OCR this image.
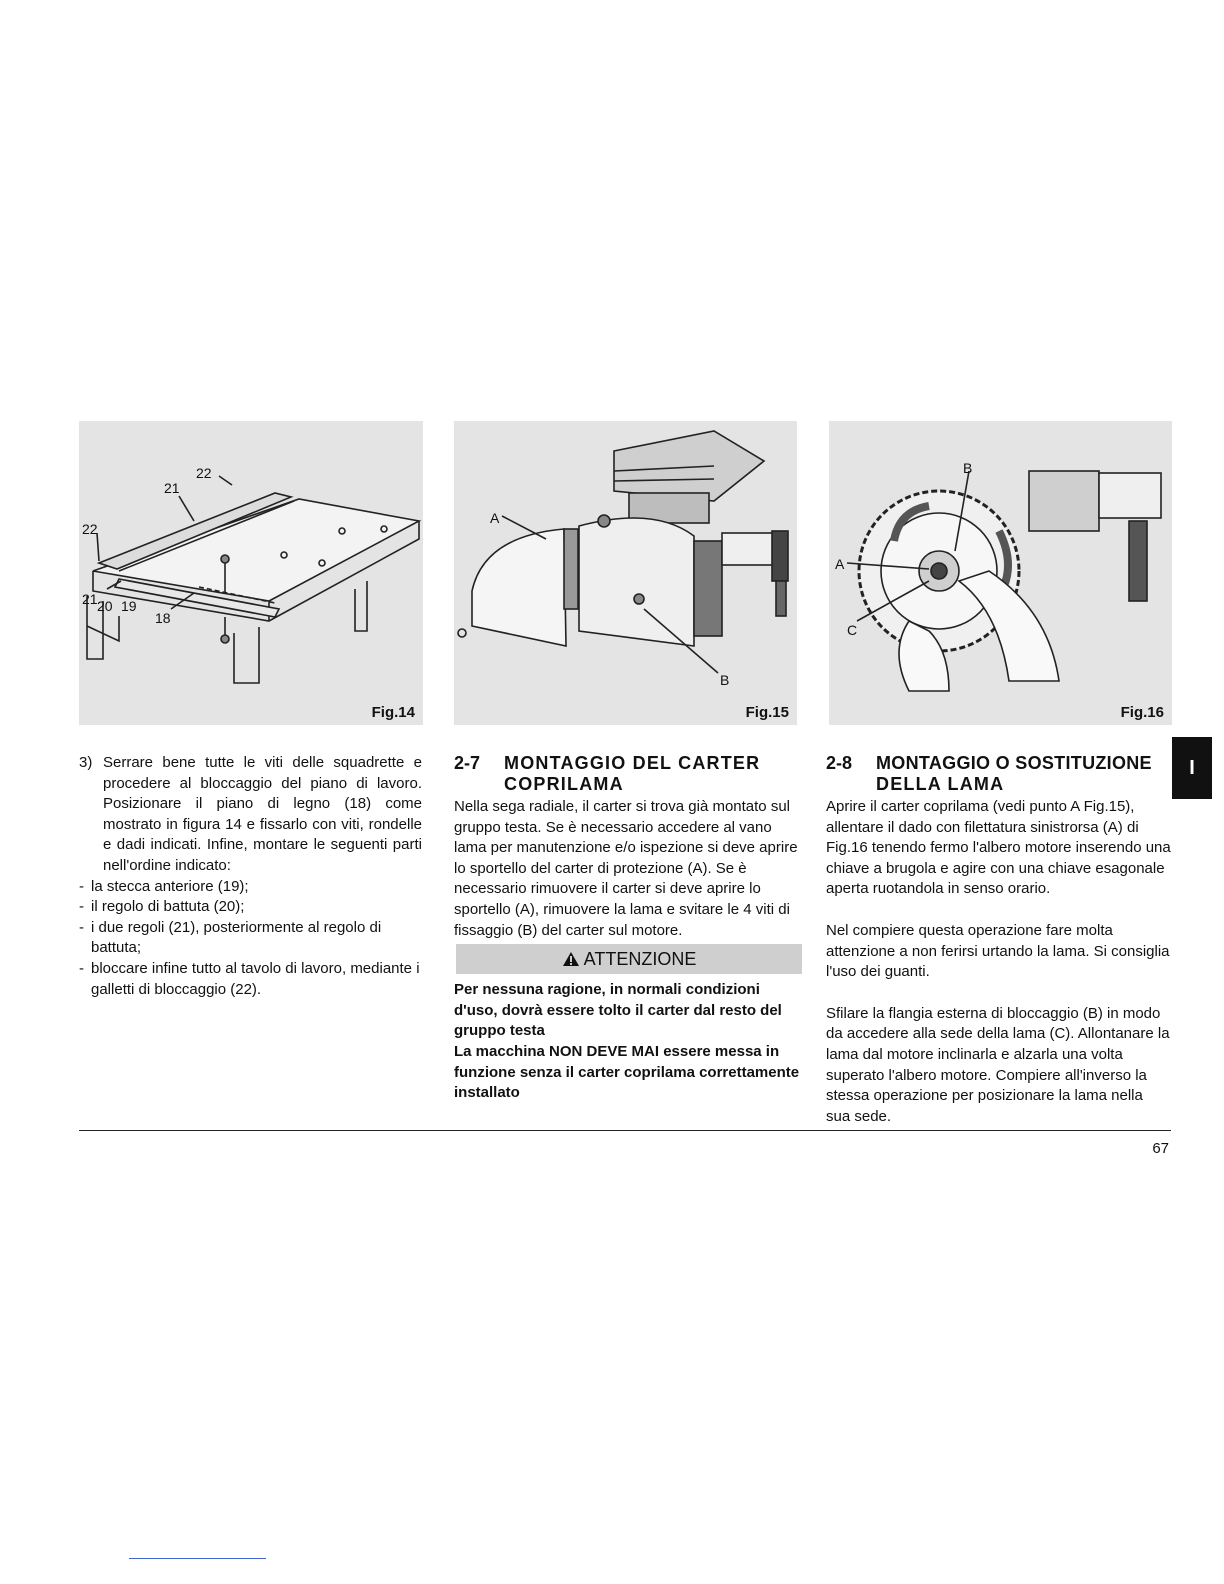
22
21
22
21 20 19
18
Fig.14
A
B
Fig.15
A
B
C
Fig.16
3) Serrare bene tutte le viti delle squadrette e procedere al bloccaggio del piano di lavoro. Posizionare il piano di legno (18) come mostrato in figura 14 e fissarlo con viti, rondelle e dadi indicati. Infine, montare le seguenti parti nell'ordine indicato:
- la stecca anteriore (19);
- il regolo di battuta (20);
- i due regoli (21), posteriormente al regolo di battuta;
- bloccare infine tutto al tavolo di lavoro, mediante i galletti di bloccaggio (22).
2-7 MONTAGGIO DEL CARTER
COPRILAMA
Nella sega radiale, il carter si trova già montato sul gruppo testa. Se è necessario accedere al vano lama per manutenzione e/o ispezione si deve aprire lo sportello del carter di protezione (A). Se è necessario rimuovere il carter si deve aprire lo sportello (A), rimuovere la lama e svitare le 4 viti di fissaggio (B) del carter sul motore.
ATTENZIONE
Per nessuna ragione, in normali condizioni d'uso, dovrà essere tolto il carter dal resto del gruppo testa
La macchina NON DEVE MAI essere messa in funzione senza il carter coprilama correttamente installato
2-8 MONTAGGIO O SOSTITUZIONE
DELLA LAMA

Aprire il carter coprilama (vedi punto A Fig.15), allentare il dado con filettatura sinistrorsa (A) di Fig.16 tenendo fermo l'albero motore inserendo una chiave a brugola e agire con una chiave esagonale aperta ruotandola in senso orario.

Nel compiere questa operazione fare molta attenzione a non ferirsi urtando la lama. Si consiglia l'uso dei guanti.

Sfilare la flangia esterna di bloccaggio (B) in modo da accedere alla sede della lama (C). Allontanare la lama dal motore inclinarla e alzarla una volta superato l'albero motore. Compiere all'inverso la stessa operazione per posizionare la lama nella sua sede.

I
67
